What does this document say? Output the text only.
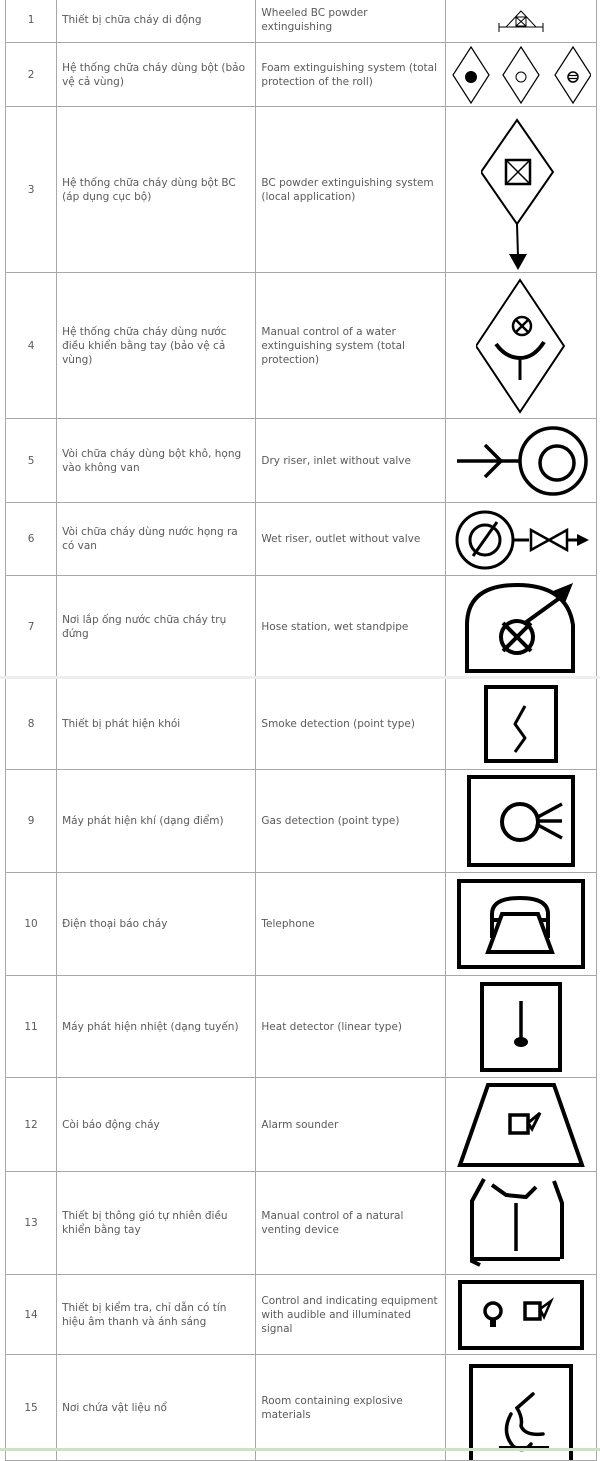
1	Thiết bị chữa cháy di động	Wheeled BC powder extinguishing	

2	Hệ thống chữa cháy dùng bột (bảo vệ cả vùng)	Foam extinguishing system (total protection of the roll)	

3	Hệ thống chữa cháy dùng bột BC (áp dụng cục bộ)	BC powder extinguishing system (local application)	

4	Hệ thống chữa cháy dùng nước điều khiển bằng tay (bảo vệ cả vùng)	Manual control of a water extinguishing system (total protection)	

5	Vòi chữa cháy dùng bột khô, họng vào không van	Dry riser, inlet without valve	

6	Vòi chữa cháy dùng nước họng ra có van	Wet riser, outlet without valve	

7	Nơi lắp ống nước chữa cháy trụ đứng	Hose station, wet standpipe	

8	Thiết bị phát hiện khói	Smoke detection (point type)	

9	Máy phát hiện khí (dạng điểm)	Gas detection (point type)	

10	Điện thoại báo cháy	Telephone	

11	Máy phát hiện nhiệt (dạng tuyến)	Heat detector (linear type)	

12	Còi báo động cháy	Alarm sounder	

13	Thiết bị thông gió tự nhiên điều khiển bằng tay	Manual control of a natural venting device	

14	Thiết bị kiểm tra, chỉ dẫn có tín hiệu âm thanh và ánh sáng	Control and indicating equipment with audible and illuminated signal	

15	Nơi chứa vật liệu nổ	Room containing explosive materials	
